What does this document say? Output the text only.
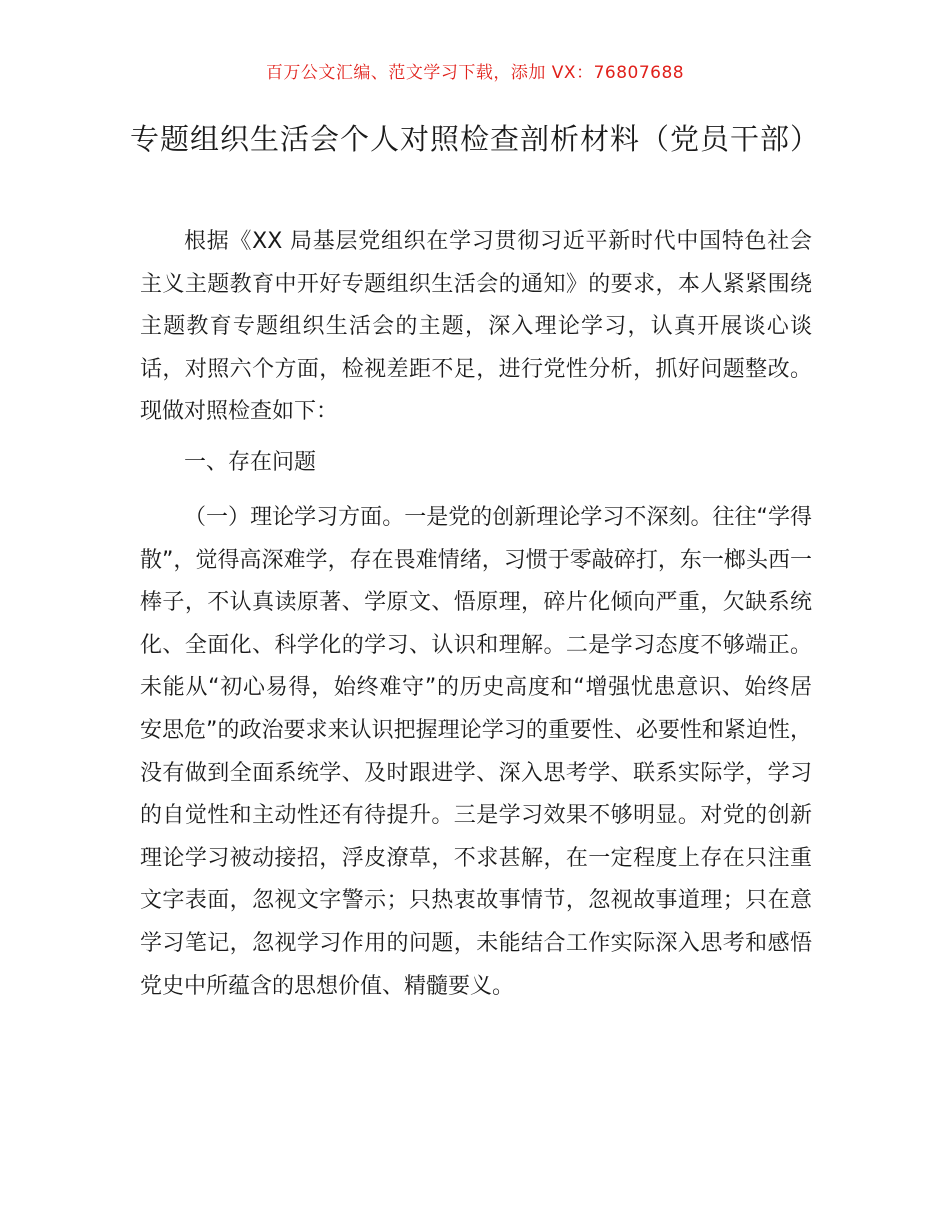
百万公文汇编、范文学习下载，添加 VX：76807688
专题组织生活会个人对照检查剖析材料（党员干部）

根据《XX 局基层党组织在学习贯彻习近平新时代中国特色社会主义主题教育中开好专题组织生活会的通知》的要求，本人紧紧围绕主题教育专题组织生活会的主题，深入理论学习，认真开展谈心谈话，对照六个方面，检视差距不足，进行党性分析，抓好问题整改。现做对照检查如下：

一、存在问题

（一）理论学习方面。一是党的创新理论学习不深刻。往往“学得散”，觉得高深难学，存在畏难情绪，习惯于零敲碎打，东一榔头西一棒子，不认真读原著、学原文、悟原理，碎片化倾向严重，欠缺系统化、全面化、科学化的学习、认识和理解。二是学习态度不够端正。未能从“初心易得，始终难守”的历史高度和“增强忧患意识、始终居安思危”的政治要求来认识把握理论学习的重要性、必要性和紧迫性，没有做到全面系统学、及时跟进学、深入思考学、联系实际学，学习的自觉性和主动性还有待提升。三是学习效果不够明显。对党的创新理论学习被动接招，浮皮潦草，不求甚解，在一定程度上存在只注重文字表面，忽视文字警示；只热衷故事情节，忽视故事道理；只在意学习笔记，忽视学习作用的问题，未能结合工作实际深入思考和感悟党史中所蕴含的思想价值、精髓要义。
